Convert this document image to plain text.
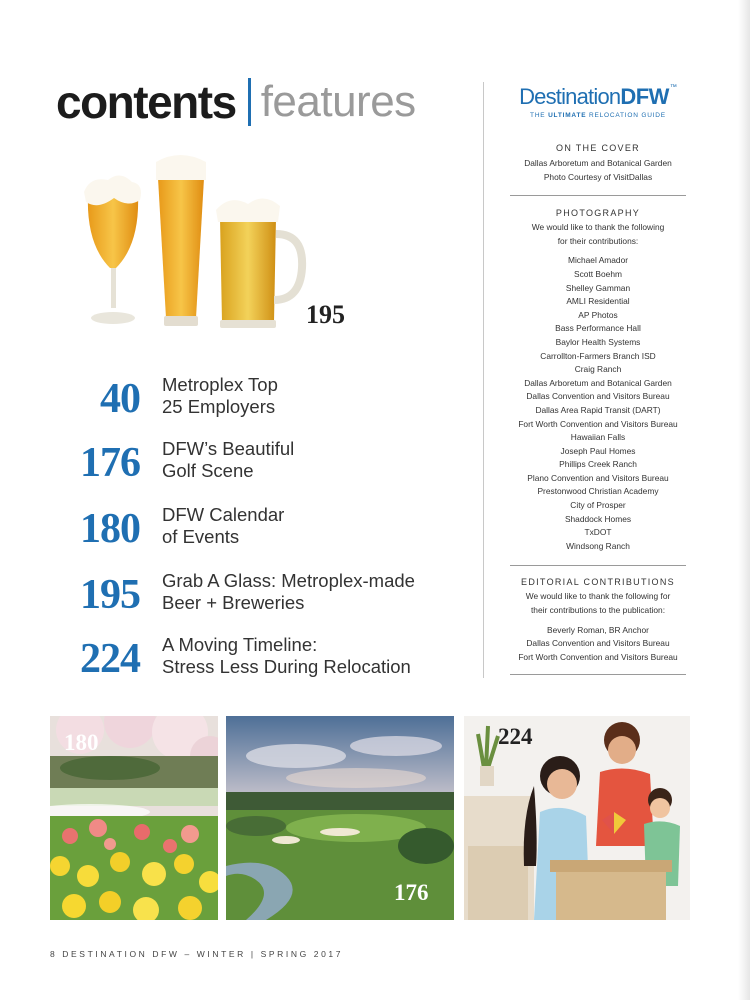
contents features
195
40 Metroplex Top
25 Employers
176 DFW’s Beautiful
Golf Scene
180 DFW Calendar
of Events
195 Grab A Glass: Metroplex-made
Beer + Breweries
224 A Moving Timeline:
Stress Less During Relocation
Destination DFW ™
THE ULTIMATE RELOCATION GUIDE
ON THE COVER
Dallas Arboretum and Botanical Garden
Photo Courtesy of VisitDallas
PHOTOGRAPHY
We would like to thank the following
for their contributions:
Michael Amador
Scott Boehm
Shelley Gamman
AMLI Residential
AP Photos
Bass Performance Hall
Baylor Health Systems
Carrollton-Farmers Branch ISD
Craig Ranch
Dallas Arboretum and Botanical Garden
Dallas Convention and Visitors Bureau
Dallas Area Rapid Transit (DART)
Fort Worth Convention and Visitors Bureau
Hawaiian Falls
Joseph Paul Homes
Phillips Creek Ranch
Plano Convention and Visitors Bureau
Prestonwood Christian Academy
City of Prosper
Shaddock Homes
TxDOT
Windsong Ranch
EDITORIAL CONTRIBUTIONS
We would like to thank the following for
their contributions to the publication:
Beverly Roman, BR Anchor
Dallas Convention and Visitors Bureau
Fort Worth Convention and Visitors Bureau
180
176
224
8 DESTINATION DFW – WINTER | SPRING 2017
